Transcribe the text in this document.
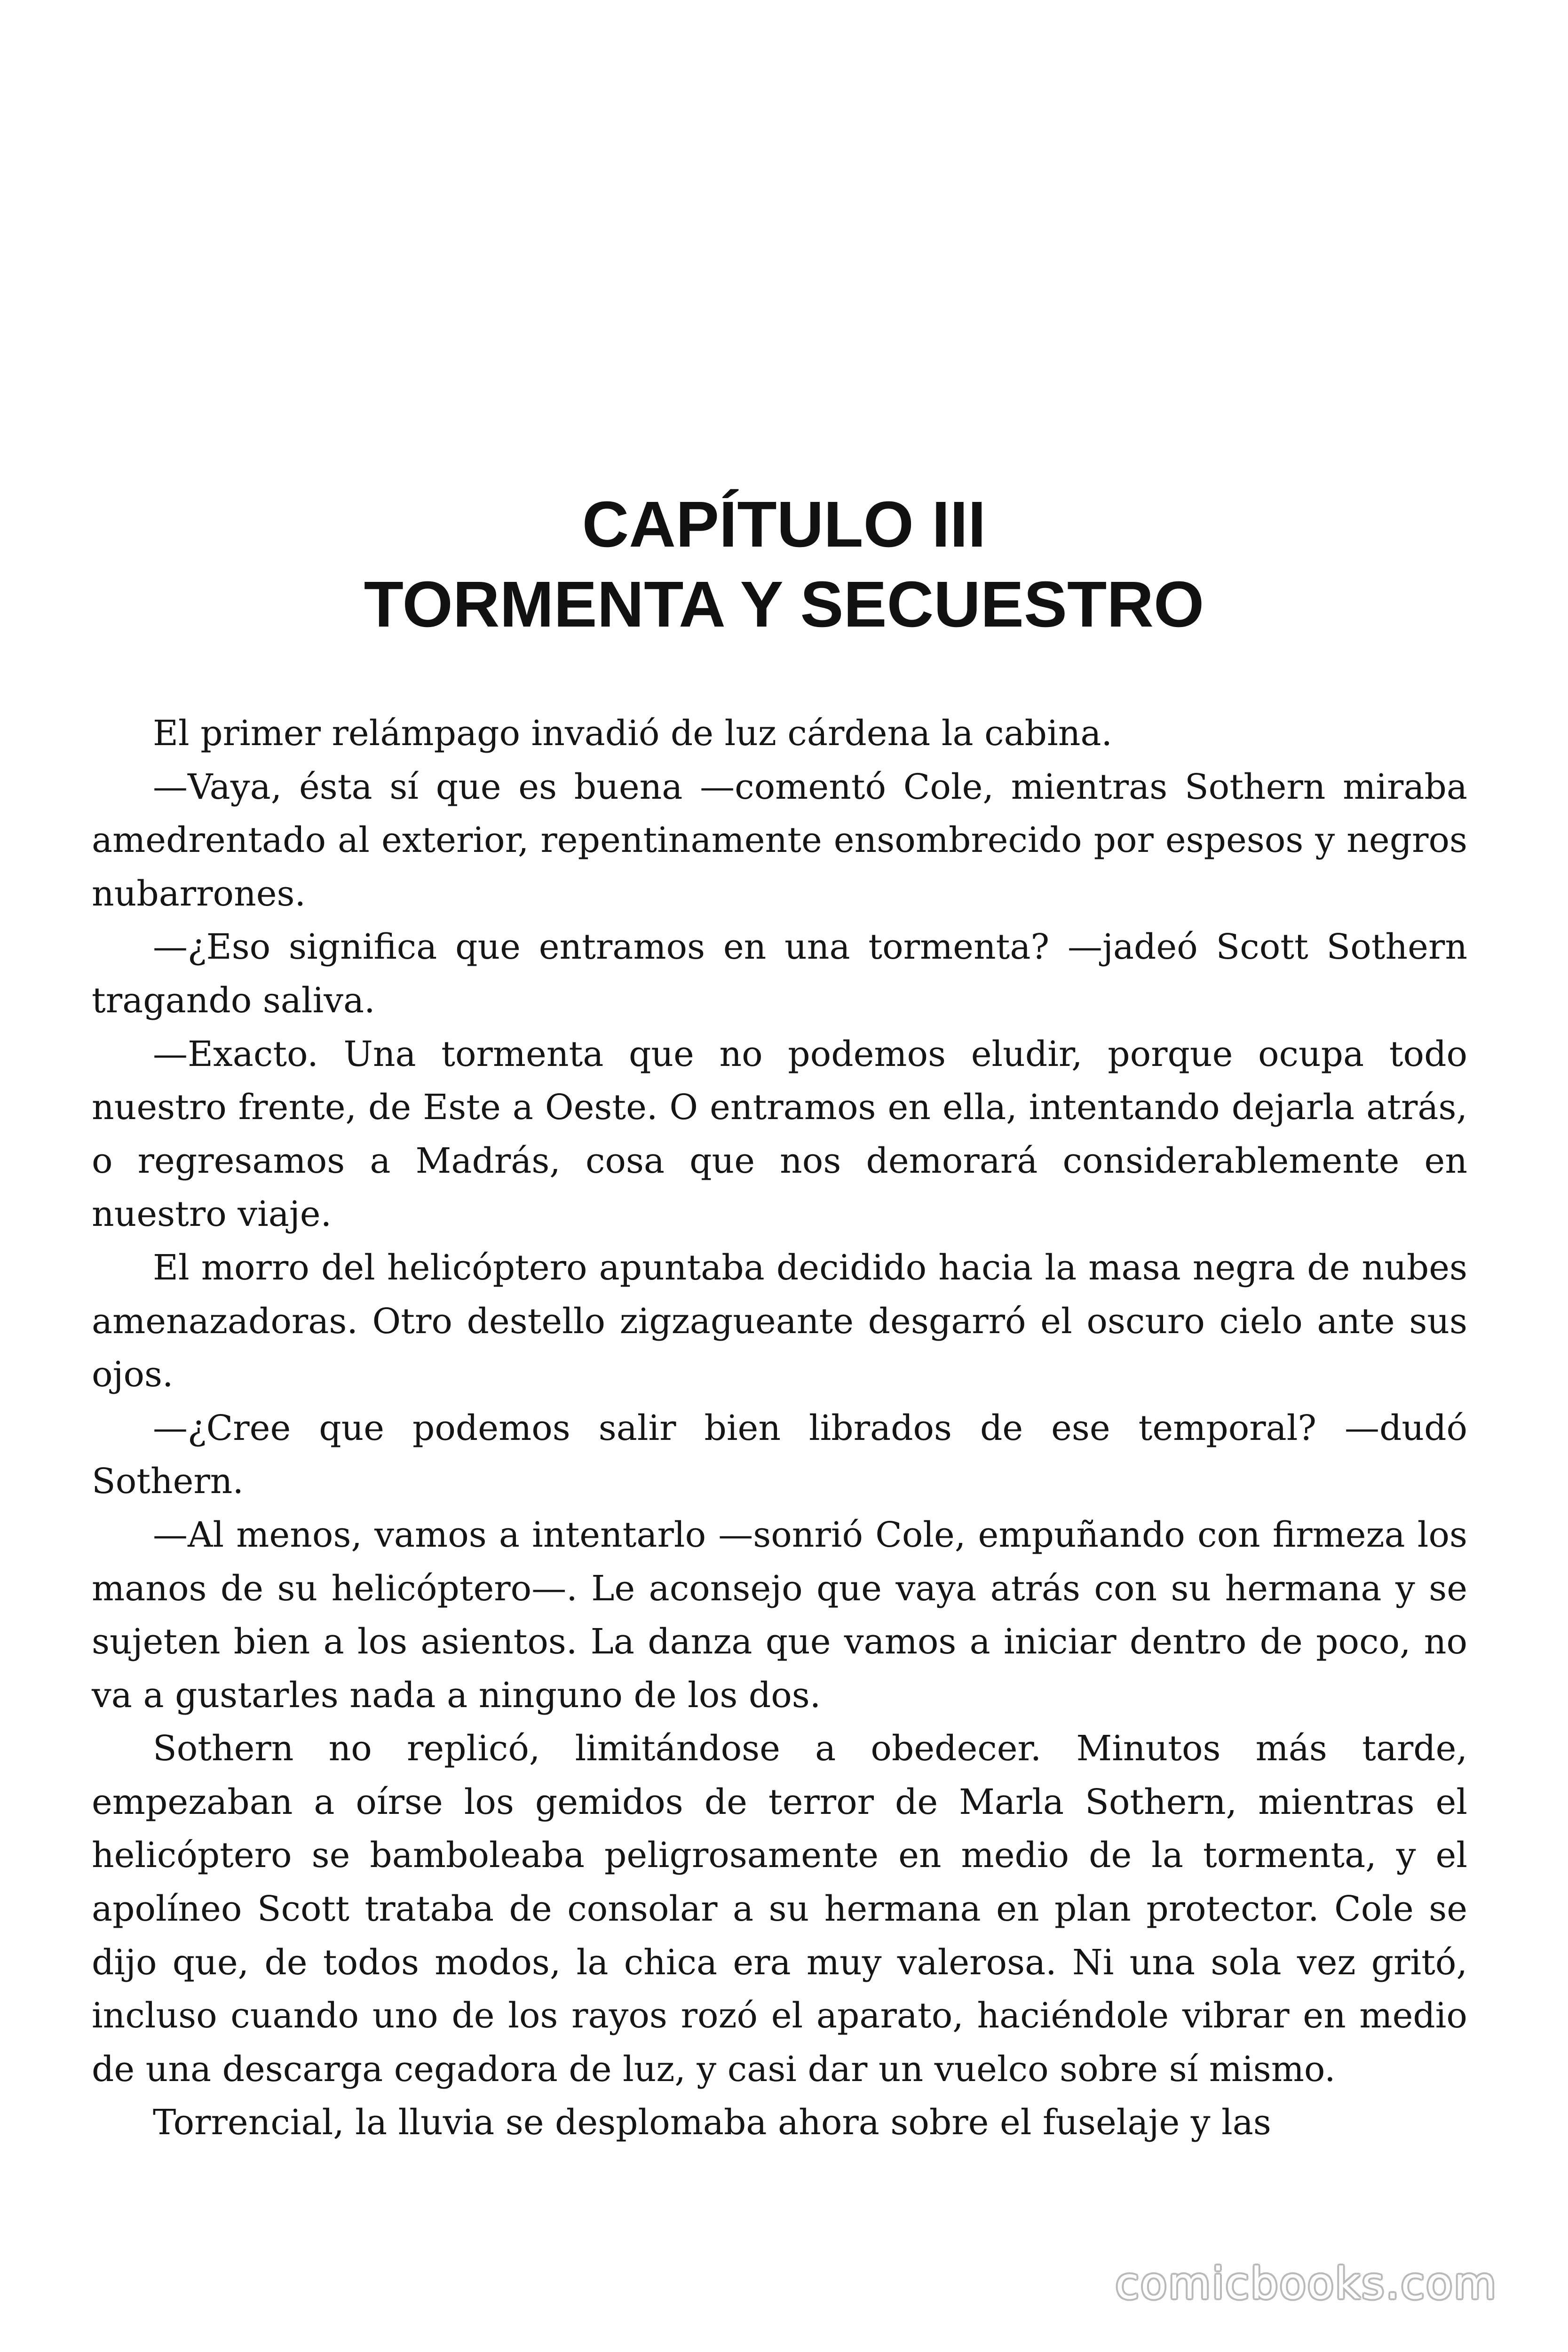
CAPÍTULO III
TORMENTA Y SECUESTRO

El primer relámpago invadió de luz cárdena la cabina.

—Vaya, ésta sí que es buena —comentó Cole, mientras Sothern miraba amedrentado al exterior, repentinamente ensombrecido por espesos y negros nubarrones.

—¿Eso significa que entramos en una tormenta? —jadeó Scott Sothern tragando saliva.

—Exacto. Una tormenta que no podemos eludir, porque ocupa todo nuestro frente, de Este a Oeste. O entramos en ella, intentando dejarla atrás, o regresamos a Madrás, cosa que nos demorará considerablemente en nuestro viaje.

El morro del helicóptero apuntaba decidido hacia la masa negra de nubes amenazadoras. Otro destello zigzagueante desgarró el oscuro cielo ante sus ojos.

—¿Cree que podemos salir bien librados de ese temporal? —dudó Sothern.

—Al menos, vamos a intentarlo —sonrió Cole, empuñando con firmeza los manos de su helicóptero—. Le aconsejo que vaya atrás con su hermana y se sujeten bien a los asientos. La danza que vamos a iniciar dentro de poco, no va a gustarles nada a ninguno de los dos.

Sothern no replicó, limitándose a obedecer. Minutos más tarde, empezaban a oírse los gemidos de terror de Marla Sothern, mientras el helicóptero se bamboleaba peligrosamente en medio de la tormenta, y el apolíneo Scott trataba de consolar a su hermana en plan protector. Cole se dijo que, de todos modos, la chica era muy valerosa. Ni una sola vez gritó, incluso cuando uno de los rayos rozó el aparato, haciéndole vibrar en medio de una descarga cegadora de luz, y casi dar un vuelco sobre sí mismo.

Torrencial, la lluvia se desplomaba ahora sobre el fuselaje y las

comicbooks.com
